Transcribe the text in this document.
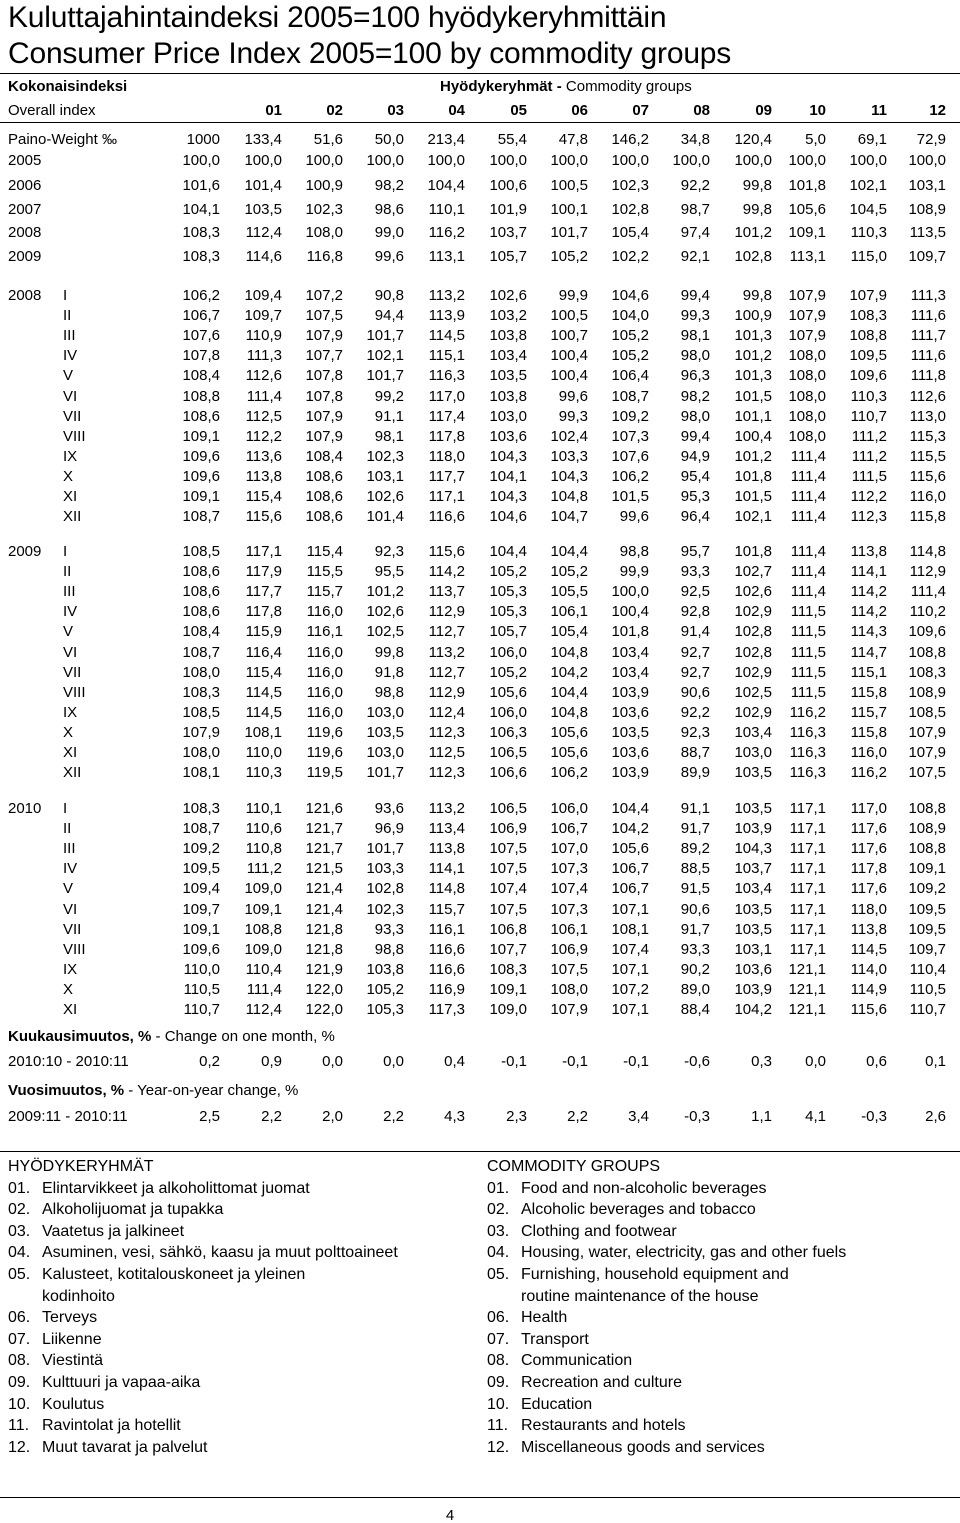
Kuluttajahintaindeksi 2005=100 hyödykeryhmittäin
Consumer Price Index 2005=100 by commodity groups
Kokonaisindeksi
Overall index
Hyödykeryhmät - Commodity groups
01	02	03	04	05	06	07	08	09	10	11	12
Paino-Weight ‰	1000	133,4	51,6	50,0	213,4	55,4	47,8	146,2	34,8	120,4	5,0	69,1	72,9
2005	100,0	100,0	100,0	100,0	100,0	100,0	100,0	100,0	100,0	100,0	100,0	100,0	100,0
2006	101,6	101,4	100,9	98,2	104,4	100,6	100,5	102,3	92,2	99,8	101,8	102,1	103,1
2007	104,1	103,5	102,3	98,6	110,1	101,9	100,1	102,8	98,7	99,8	105,6	104,5	108,9
2008	108,3	112,4	108,0	99,0	116,2	103,7	101,7	105,4	97,4	101,2	109,1	110,3	113,5
2009	108,3	114,6	116,8	99,6	113,1	105,7	105,2	102,2	92,1	102,8	113,1	115,0	109,7
2008 I	106,2	109,4	107,2	90,8	113,2	102,6	99,9	104,6	99,4	99,8	107,9	107,9	111,3
II	106,7	109,7	107,5	94,4	113,9	103,2	100,5	104,0	99,3	100,9	107,9	108,3	111,6
III	107,6	110,9	107,9	101,7	114,5	103,8	100,7	105,2	98,1	101,3	107,9	108,8	111,7
IV	107,8	111,3	107,7	102,1	115,1	103,4	100,4	105,2	98,0	101,2	108,0	109,5	111,6
V	108,4	112,6	107,8	101,7	116,3	103,5	100,4	106,4	96,3	101,3	108,0	109,6	111,8
VI	108,8	111,4	107,8	99,2	117,0	103,8	99,6	108,7	98,2	101,5	108,0	110,3	112,6
VII	108,6	112,5	107,9	91,1	117,4	103,0	99,3	109,2	98,0	101,1	108,0	110,7	113,0
VIII	109,1	112,2	107,9	98,1	117,8	103,6	102,4	107,3	99,4	100,4	108,0	111,2	115,3
IX	109,6	113,6	108,4	102,3	118,0	104,3	103,3	107,6	94,9	101,2	111,4	111,2	115,5
X	109,6	113,8	108,6	103,1	117,7	104,1	104,3	106,2	95,4	101,8	111,4	111,5	115,6
XI	109,1	115,4	108,6	102,6	117,1	104,3	104,8	101,5	95,3	101,5	111,4	112,2	116,0
XII	108,7	115,6	108,6	101,4	116,6	104,6	104,7	99,6	96,4	102,1	111,4	112,3	115,8
2009 I	108,5	117,1	115,4	92,3	115,6	104,4	104,4	98,8	95,7	101,8	111,4	113,8	114,8
II	108,6	117,9	115,5	95,5	114,2	105,2	105,2	99,9	93,3	102,7	111,4	114,1	112,9
III	108,6	117,7	115,7	101,2	113,7	105,3	105,5	100,0	92,5	102,6	111,4	114,2	111,4
IV	108,6	117,8	116,0	102,6	112,9	105,3	106,1	100,4	92,8	102,9	111,5	114,2	110,2
V	108,4	115,9	116,1	102,5	112,7	105,7	105,4	101,8	91,4	102,8	111,5	114,3	109,6
VI	108,7	116,4	116,0	99,8	113,2	106,0	104,8	103,4	92,7	102,8	111,5	114,7	108,8
VII	108,0	115,4	116,0	91,8	112,7	105,2	104,2	103,4	92,7	102,9	111,5	115,1	108,3
VIII	108,3	114,5	116,0	98,8	112,9	105,6	104,4	103,9	90,6	102,5	111,5	115,8	108,9
IX	108,5	114,5	116,0	103,0	112,4	106,0	104,8	103,6	92,2	102,9	116,2	115,7	108,5
X	107,9	108,1	119,6	103,5	112,3	106,3	105,6	103,5	92,3	103,4	116,3	115,8	107,9
XI	108,0	110,0	119,6	103,0	112,5	106,5	105,6	103,6	88,7	103,0	116,3	116,0	107,9
XII	108,1	110,3	119,5	101,7	112,3	106,6	106,2	103,9	89,9	103,5	116,3	116,2	107,5
2010 I	108,3	110,1	121,6	93,6	113,2	106,5	106,0	104,4	91,1	103,5	117,1	117,0	108,8
II	108,7	110,6	121,7	96,9	113,4	106,9	106,7	104,2	91,7	103,9	117,1	117,6	108,9
III	109,2	110,8	121,7	101,7	113,8	107,5	107,0	105,6	89,2	104,3	117,1	117,6	108,8
IV	109,5	111,2	121,5	103,3	114,1	107,5	107,3	106,7	88,5	103,7	117,1	117,8	109,1
V	109,4	109,0	121,4	102,8	114,8	107,4	107,4	106,7	91,5	103,4	117,1	117,6	109,2
VI	109,7	109,1	121,4	102,3	115,7	107,5	107,3	107,1	90,6	103,5	117,1	118,0	109,5
VII	109,1	108,8	121,8	93,3	116,1	106,8	106,1	108,1	91,7	103,5	117,1	113,8	109,5
VIII	109,6	109,0	121,8	98,8	116,6	107,7	106,9	107,4	93,3	103,1	117,1	114,5	109,7
IX	110,0	110,4	121,9	103,8	116,6	108,3	107,5	107,1	90,2	103,6	121,1	114,0	110,4
X	110,5	111,4	122,0	105,2	116,9	109,1	108,0	107,2	89,0	103,9	121,1	114,9	110,5
XI	110,7	112,4	122,0	105,3	117,3	109,0	107,9	107,1	88,4	104,2	121,1	115,6	110,7
Kuukausimuutos, % - Change on one month, %
2010:10 - 2010:11	0,2	0,9	0,0	0,0	0,4	-0,1	-0,1	-0,1	-0,6	0,3	0,0	0,6	0,1
Vuosimuutos, % - Year-on-year change, %
2009:11 - 2010:11	2,5	2,2	2,0	2,2	4,3	2,3	2,2	3,4	-0,3	1,1	4,1	-0,3	2,6
HYÖDYKERYHMÄT
01. Elintarvikkeet ja alkoholittomat juomat
02. Alkoholijuomat ja tupakka
03. Vaatetus ja jalkineet
04. Asuminen, vesi, sähkö, kaasu ja muut polttoaineet
05. Kalusteet, kotitalouskoneet ja yleinen
kodinhoito
06. Terveys
07. Liikenne
08. Viestintä
09. Kulttuuri ja vapaa-aika
10. Koulutus
11. Ravintolat ja hotellit
12. Muut tavarat ja palvelut
COMMODITY GROUPS
01. Food and non-alcoholic beverages
02. Alcoholic beverages and tobacco
03. Clothing and footwear
04. Housing, water, electricity, gas and other fuels
05. Furnishing, household equipment and
routine maintenance of the house
06. Health
07. Transport
08. Communication
09. Recreation and culture
10. Education
11. Restaurants and hotels
12. Miscellaneous goods and services
4
